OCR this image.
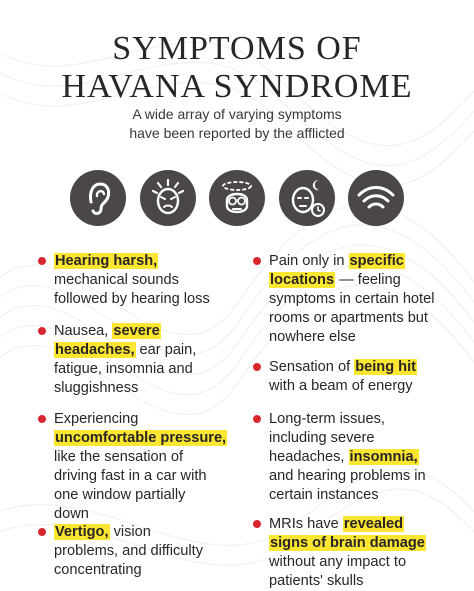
SYMPTOMS OF
HAVANA SYNDROME
A wide array of varying symptoms
have been reported by the afflicted
Hearing harsh,
mechanical sounds
followed by hearing loss
Nausea, severe
headaches, ear pain,
fatigue, insomnia and
sluggishness
Experiencing
uncomfortable pressure,
like the sensation of
driving fast in a car with
one window partially
down
Vertigo, vision
problems, and difficulty
concentrating
Pain only in specific
locations — feeling
symptoms in certain hotel
rooms or apartments but
nowhere else
Sensation of being hit
with a beam of energy
Long-term issues,
including severe
headaches, insomnia,
and hearing problems in
certain instances
MRIs have revealed
signs of brain damage
without any impact to
patients' skulls
